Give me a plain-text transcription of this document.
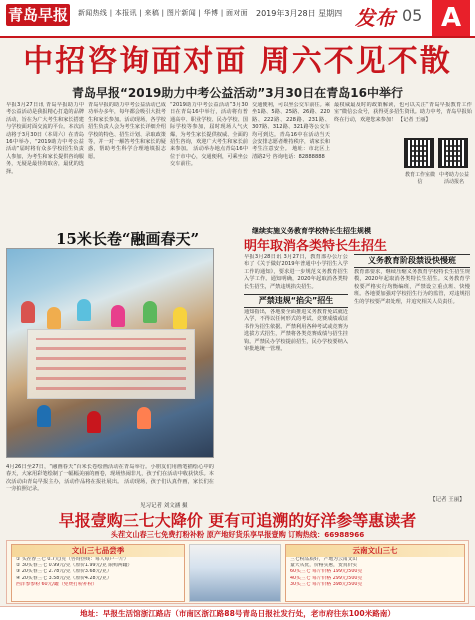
青岛早报 新闻热线 | 本报讯 | 来稿 | 图片新闻 | 华博 | 面对面 2019年3月28日 星期四 发布 05 A
中招咨询面对面 周六不见不散
青岛早报“2019助力中考公益活动”3月30日在青岛16中举行
早报3月27日讯 青岛早报助力中考公益活动是我报精心打造的品牌活动，旨在为广大考生和家长搭建与学校面对面交流的平台。本次活动将于3月30日（本周六）在青岛16中举办，“2019助力中考公益活动”届时将有众多学校招生负责人参加，为考生和家长提供咨询服务，无疑是最佳的取舍，最优的选择。
青岛早报的助力中考公益活动已成功举办多年，每年都会吸引大批考生和家长参加。活动现场，各学校招生负责人会为考生家长详细介绍学校的特色、招生计划、录取政策等，并一对一解答考生和家长的疑惑，帮助考生科学合理地填报志愿。
“2019助力中考公益活动”3月30日在青岛16中举行，活动将有普通高中、职业学校、民办学校、国际学校等参加，届时现场人气火爆，为考生家长提供权威、全面的招生咨询，欢迎广大考生和家长前来参加。 活动举办地点青岛16中位于市中心，交通便利，可乘坐公交车前往。
交通便利，可以坐公交车前往。乘坐1路、5路、25路、26路、220路、222路、228路、231路、307路、312路、321路等公交车均可到达。青岛16中在活动当天会安排志愿者维持秩序，请家长和考生注意安全。 地址：市北区上清路2号 咨询电话：82888888
最权威最及时的政策解读，也可以关注“青岛早报教育工作室”微信公众号，获得更多招生资讯。助力中考，青岛早报始终在行动，欢迎您来参加！ 【记者 王丽】
教育工作室微信
中考助力公益活动报名
15米长卷“融画春天”
4月26日至27日，“融画春天”百米长卷绘画活动在青岛举行。小朋友们用画笔描绘心中的春天，大家用彩笔绘制了一幅幅美丽的画卷，现场热闹非凡，孩子们在活动中收获快乐。本次活动由青岛早报主办，活动作品将在报社展出。 活动现场，孩子们认真作画，家长们在一旁拍照记录。
见习记者 刘文涵 摄
继续实施义务教育学校特长生招生规模
明年取消各类特长生招生
早报3月28日讯 3月27日，教育部办公厅公布了《关于做好2019年普通中小学招生入学工作的通知》，要求进一步规范义务教育招生入学工作。通知明确，2020年起取消各类特长生招生，严禁违规掐尖招生。
严禁违规“掐尖”招生
通知指出，各地要全面推进义务教育免试就近入学，不得以任何形式的考试、竞赛成绩或证书作为招生依据。严禁利用各种考试或竞赛为选拔方式招生，严禁将各类竞赛成绩与招生挂钩。严禁民办学校提前招生，民办学校要纳入审批地统一管理。
义务教育阶段禁设快慢班
教育部要求，继续压缩义务教育学校特长生招生规模，2020年起取消各类特长生招生。义务教育学校要严格实行均衡编班，严禁设立重点班、快慢班。各地要加强对学校招生行为的监管，对违规招生的学校要严肃处理，并追究相关人员责任。
【记者 王丽】
早报壹购三七大降价 更有可追溯的好洋参等惠读者
头茬文山春三七免费打粉补粉 原产地好货乐享早报壹购 订购热线：66988966
文山三七品尝季
① 头茬春三七 0.7元/克（咨询热线：每人每户一斤）
② 30头春三七 0.99元/克（原价1.99元/克 限购两罐）
③ 20头春三七 2.78元/克（原价3.68元/克）
④ 20头春三七 3.58元/克（原价4.28元/克）
西洋参参粉 60元/罐（免费打粉补粉）
云南文山三七
三七粉品质好，产地为云南文山
量大从优，价格实惠，货真价实
60头三七 每斤价格 199元/500克
40头三七 每斤价格 299元/500克
30头三七 每斤价格 398元/500克
地址：早报生活馆浙江路店（市南区浙江路88号青岛日报社发行处，老市府往东100米路南）
